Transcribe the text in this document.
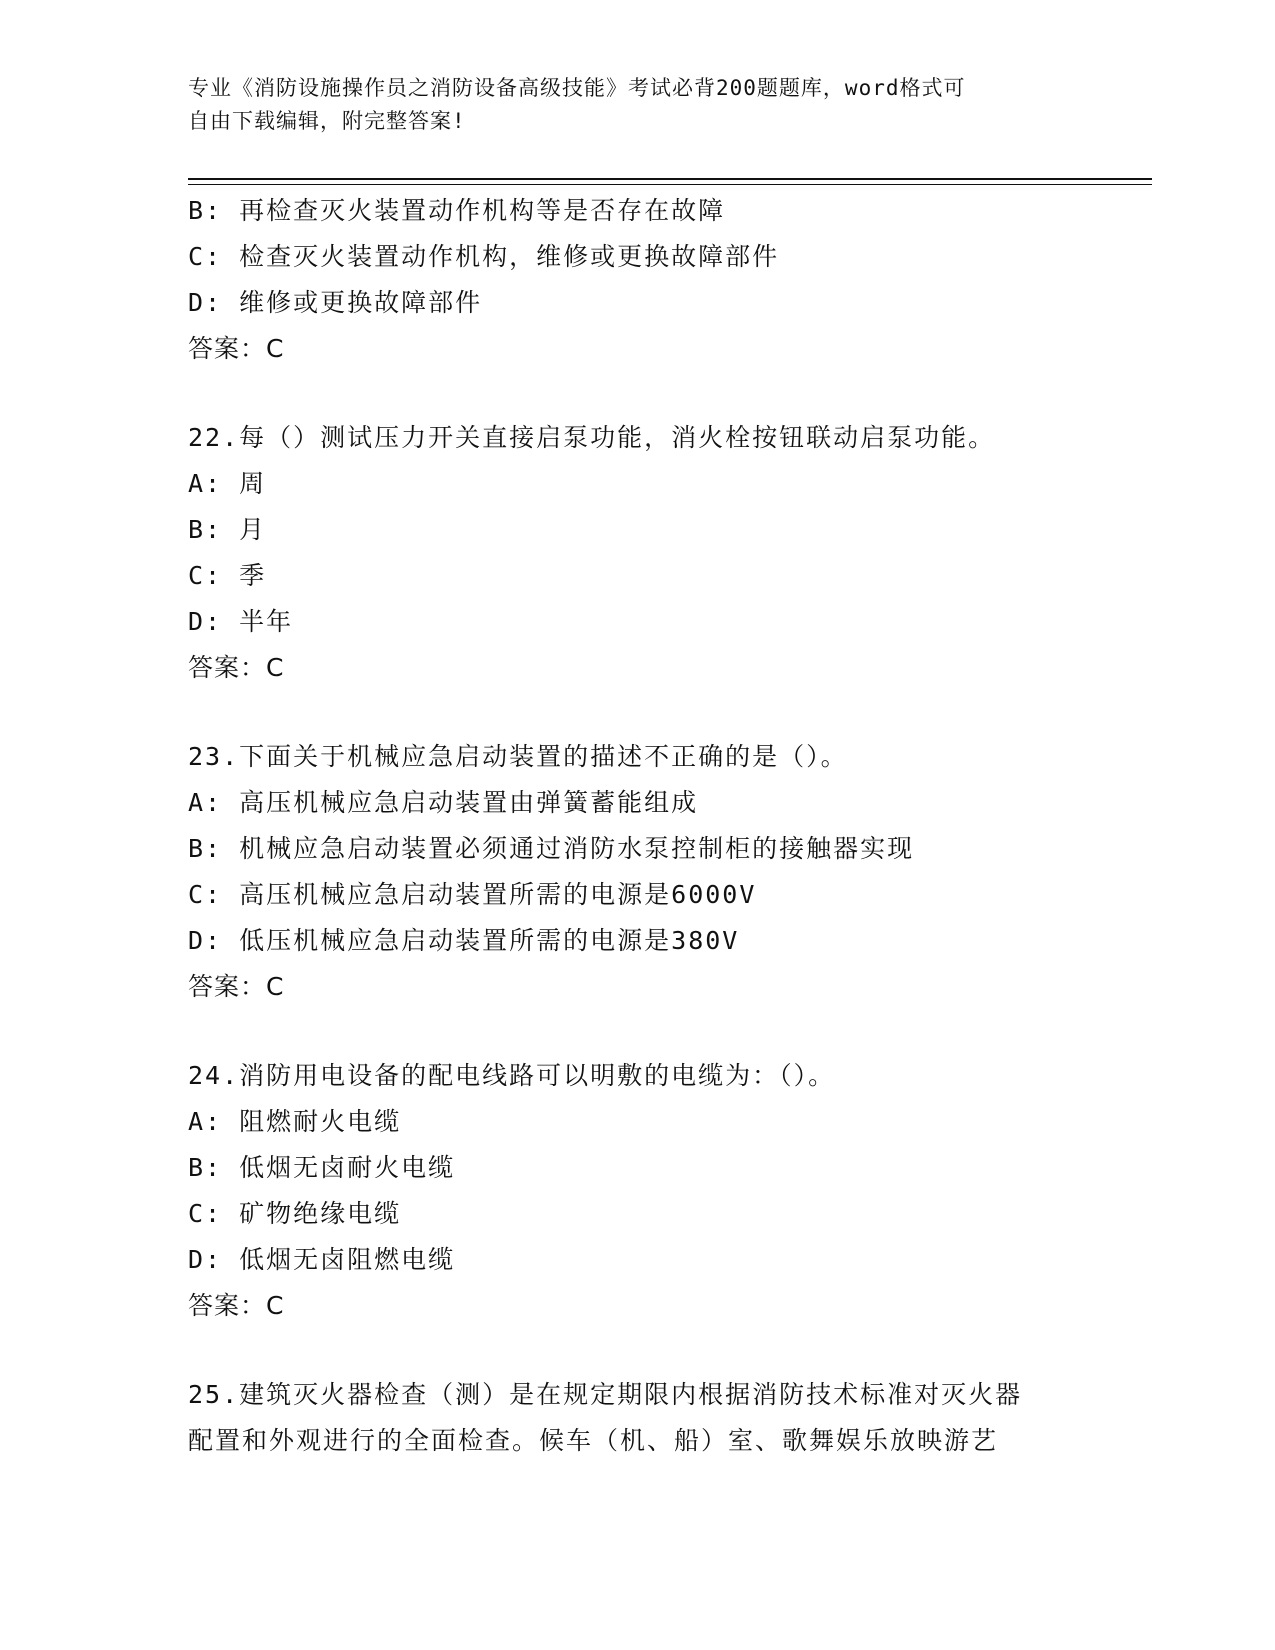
专业《消防设施操作员之消防设备高级技能》考试必背200题题库，word格式可
自由下载编辑，附完整答案!
B: 再检查灭火装置动作机构等是否存在故障
C: 检查灭火装置动作机构，维修或更换故障部件
D: 维修或更换故障部件
答案：C
22.每（）测试压力开关直接启泵功能，消火栓按钮联动启泵功能。
A: 周
B: 月
C: 季
D: 半年
答案：C
23.下面关于机械应急启动装置的描述不正确的是（）。
A: 高压机械应急启动装置由弹簧蓄能组成
B: 机械应急启动装置必须通过消防水泵控制柜的接触器实现
C: 高压机械应急启动装置所需的电源是6000V
D: 低压机械应急启动装置所需的电源是380V
答案：C
24.消防用电设备的配电线路可以明敷的电缆为：（）。
A: 阻燃耐火电缆
B: 低烟无卤耐火电缆
C: 矿物绝缘电缆
D: 低烟无卤阻燃电缆
答案：C
25.建筑灭火器检查（测）是在规定期限内根据消防技术标准对灭火器
配置和外观进行的全面检查。候车（机、船）室、歌舞娱乐放映游艺
